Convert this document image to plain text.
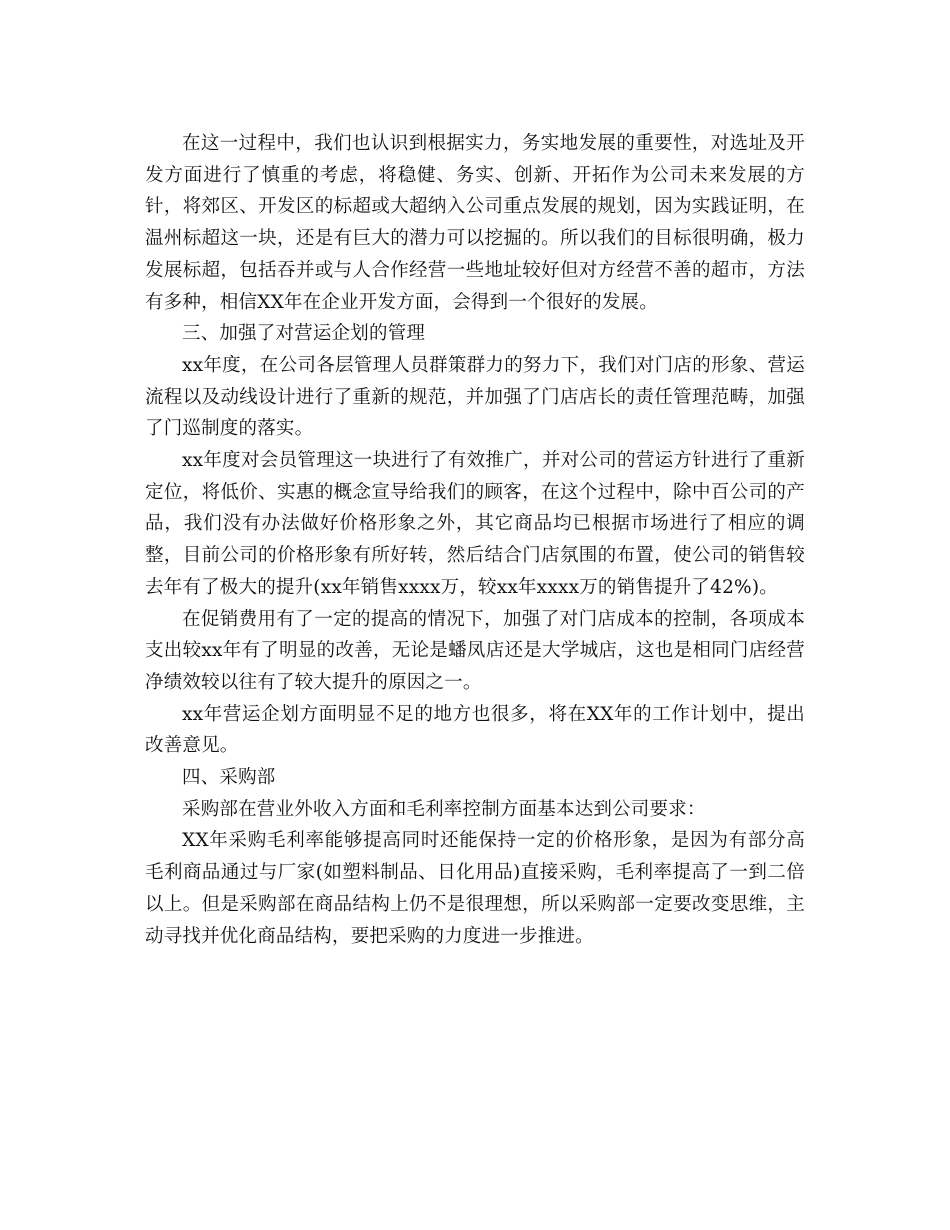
在这一过程中，我们也认识到根据实力，务实地发展的重要性，对选址及开发方面进行了慎重的考虑，将稳健、务实、创新、开拓作为公司未来发展的方针，将郊区、开发区的标超或大超纳入公司重点发展的规划，因为实践证明，在温州标超这一块，还是有巨大的潜力可以挖掘的。所以我们的目标很明确，极力发展标超，包括吞并或与人合作经营一些地址较好但对方经营不善的超市，方法有多种，相信XX年在企业开发方面，会得到一个很好的发展。

三、加强了对营运企划的管理

xx年度，在公司各层管理人员群策群力的努力下，我们对门店的形象、营运流程以及动线设计进行了重新的规范，并加强了门店店长的责任管理范畴，加强了门巡制度的落实。

xx年度对会员管理这一块进行了有效推广，并对公司的营运方针进行了重新定位，将低价、实惠的概念宣导给我们的顾客，在这个过程中，除中百公司的产品，我们没有办法做好价格形象之外，其它商品均已根据市场进行了相应的调整，目前公司的价格形象有所好转，然后结合门店氛围的布置，使公司的销售较去年有了极大的提升(xx年销售xxxx万，较xx年xxxx万的销售提升了42%)。

在促销费用有了一定的提高的情况下，加强了对门店成本的控制，各项成本支出较xx年有了明显的改善，无论是蟠凤店还是大学城店，这也是相同门店经营净绩效较以往有了较大提升的原因之一。

xx年营运企划方面明显不足的地方也很多，将在XX年的工作计划中，提出改善意见。

四、采购部

采购部在营业外收入方面和毛利率控制方面基本达到公司要求：

XX年采购毛利率能够提高同时还能保持一定的价格形象，是因为有部分高毛利商品通过与厂家(如塑料制品、日化用品)直接采购，毛利率提高了一到二倍以上。但是采购部在商品结构上仍不是很理想，所以采购部一定要改变思维，主动寻找并优化商品结构，要把采购的力度进一步推进。
